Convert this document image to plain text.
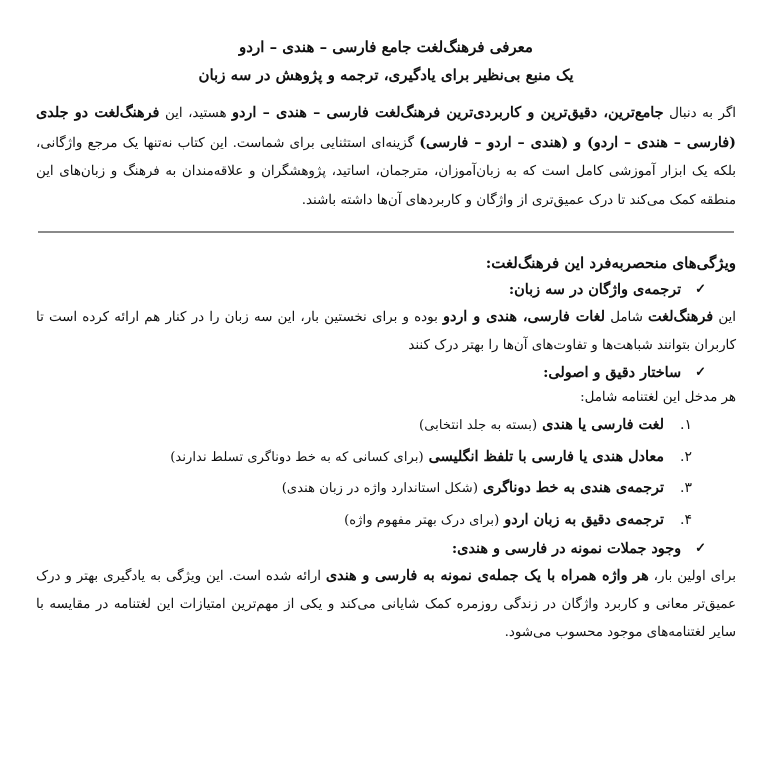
معرفی فرهنگ‌لغت جامع فارسی – هندی – اردو

یک منبع بی‌نظیر برای یادگیری، ترجمه و پژوهش در سه زبان

اگر به دنبال جامع‌ترین، دقیق‌ترین و کاربردی‌ترین فرهنگ‌لغت فارسی – هندی – اردو هستید، این فرهنگ‌لغت دو جلدی (فارسی – هندی – اردو) و (هندی – اردو – فارسی) گزینه‌ای استثنایی برای شماست. این کتاب نه‌تنها یک مرجع واژگانی، بلکه یک ابزار آموزشی کامل است که به زبان‌آموزان، مترجمان، اساتید، پژوهشگران و علاقه‌مندان به فرهنگ و زبان‌های این منطقه کمک می‌کند تا درک عمیق‌تری از واژگان و کاربردهای آن‌ها داشته باشند.

ویژگی‌های منحصربه‌فرد این فرهنگ‌لغت:

✓
ترجمه‌ی واژگان در سه زبان:

این فرهنگ‌لغت شامل لغات فارسی، هندی و اردو بوده و برای نخستین بار، این سه زبان را در کنار هم ارائه کرده است تا کاربران بتوانند شباهت‌ها و تفاوت‌های آن‌ها را بهتر درک کنند

✓
ساختار دقیق و اصولی:

هر مدخل این لغتنامه شامل:

۱.
لغت فارسی یا هندی
(بسته به جلد انتخابی)
۲.
معادل هندی یا فارسی با تلفظ انگلیسی
(برای کسانی که به خط دوناگری تسلط ندارند)
۳.
ترجمه‌ی هندی به خط دوناگری
(شکل استاندارد واژه در زبان هندی)
۴.
ترجمه‌ی دقیق به زبان اردو
(برای درک بهتر مفهوم واژه)
✓
وجود جملات نمونه در فارسی و هندی:

برای اولین بار، هر واژه همراه با یک جمله‌ی نمونه به فارسی و هندی ارائه شده است. این ویژگی به یادگیری بهتر و درک عمیق‌تر معانی و کاربرد واژگان در زندگی روزمره کمک شایانی می‌کند و یکی از مهم‌ترین امتیازات این لغتنامه در مقایسه با سایر لغتنامه‌های موجود محسوب می‌شود.
